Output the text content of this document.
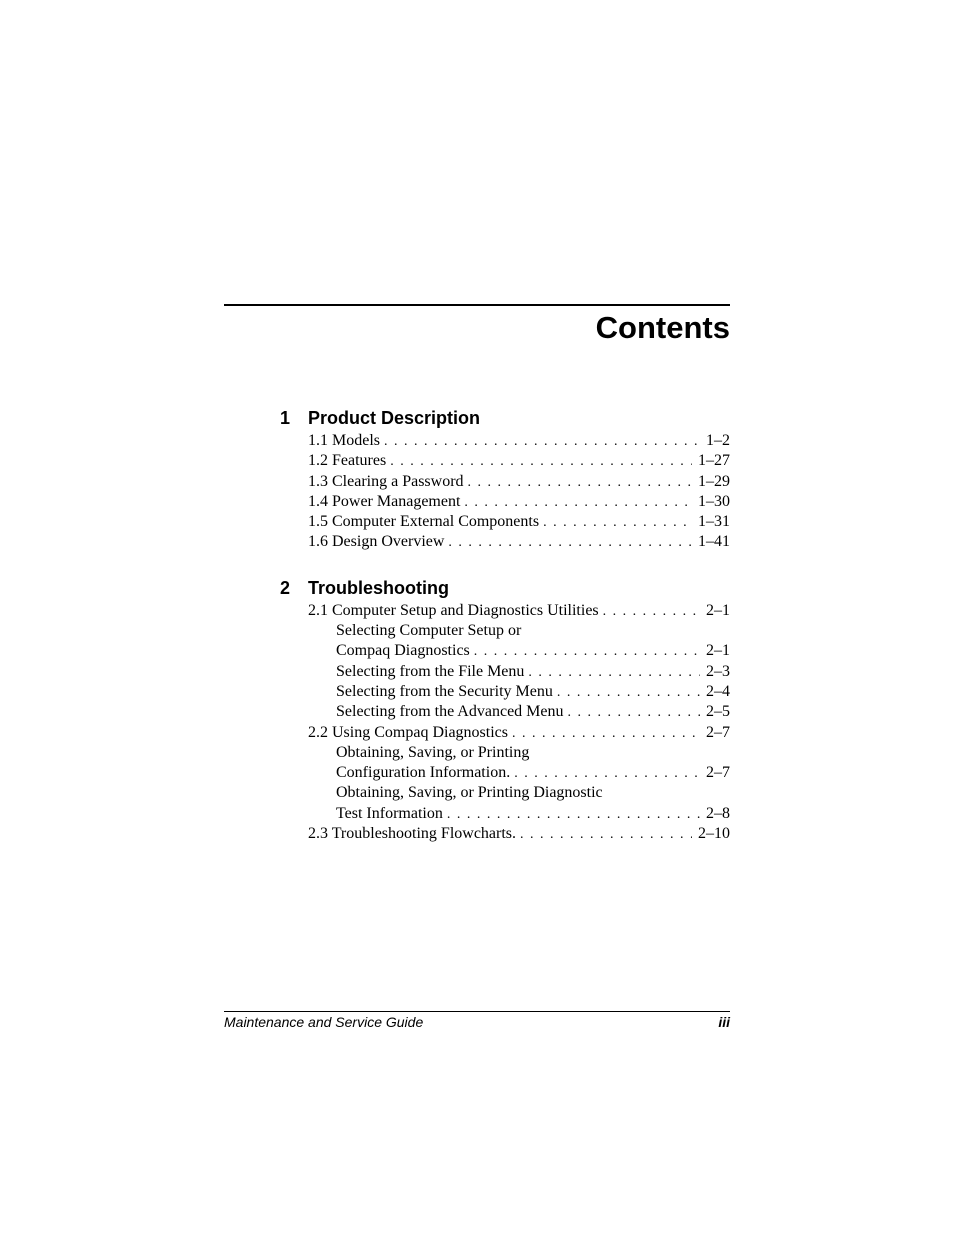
Contents
1 Product Description
1.1 Models . . .	1–2
1.2 Features . . .	1–27
1.3 Clearing a Password . . .	1–29
1.4 Power Management . . .	1–30
1.5 Computer External Components . . .	1–31
1.6 Design Overview . . .	1–41
2 Troubleshooting
2.1 Computer Setup and Diagnostics Utilities . . .	2–1
Selecting Computer Setup or
Compaq Diagnostics . . .	2–1
Selecting from the File Menu . . .	2–3
Selecting from the Security Menu . . .	2–4
Selecting from the Advanced Menu . . .	2–5
2.2 Using Compaq Diagnostics . . .	2–7
Obtaining, Saving, or Printing
Configuration Information. . . .	2–7
Obtaining, Saving, or Printing Diagnostic
Test Information . . .	2–8
2.3 Troubleshooting Flowcharts. . . .	2–10
Maintenance and Service Guide	iii
